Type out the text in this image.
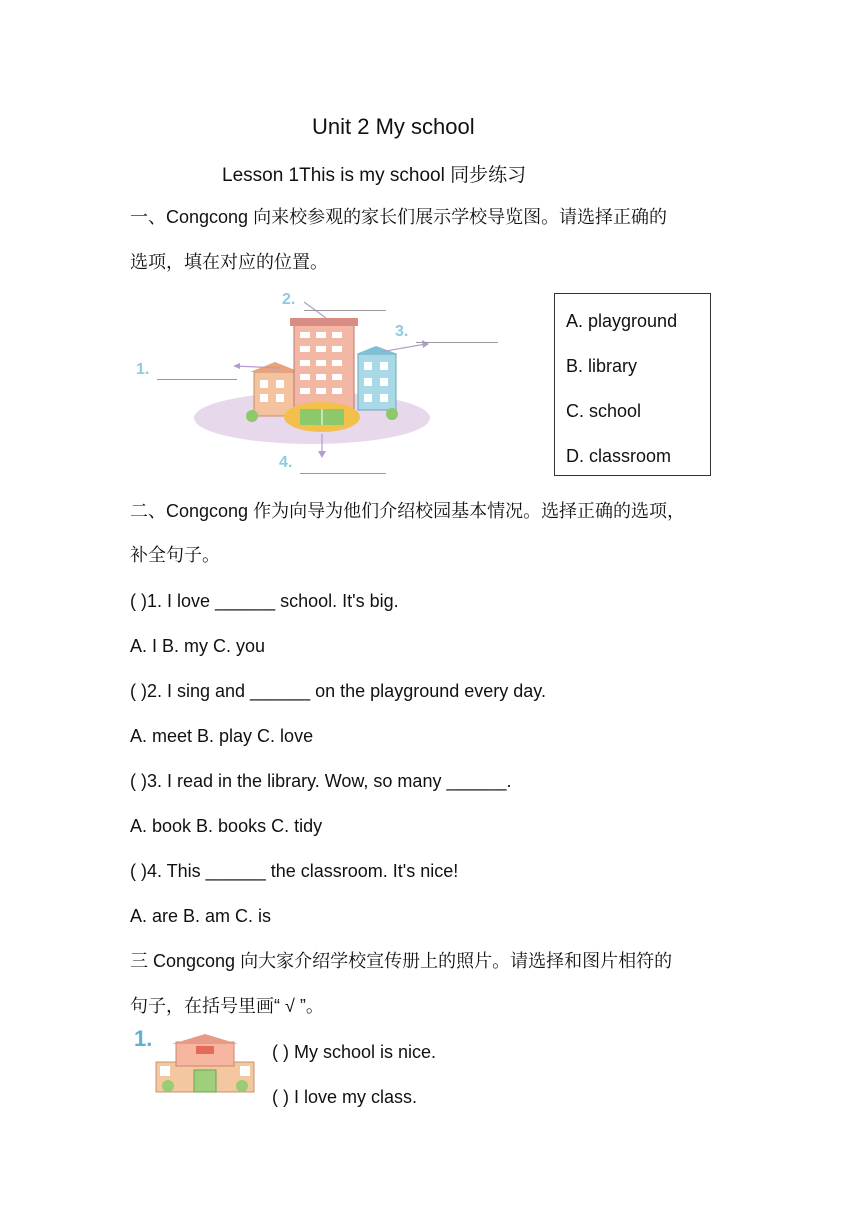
Unit 2 My school
Lesson 1This is my school 同步练习
一、Congcong 向来校参观的家长们展示学校导览图。请选择正确的
选项，填在对应的位置。
1.
2.
3.
4.
A. playground
B. library
C. school
D. classroom
二、Congcong 作为向导为他们介绍校园基本情况。选择正确的选项，
补全句子。
( )1. I love ______ school. It's big.
A. I B. my C. you
( )2. I sing and ______ on the playground every day.
A. meet B. play C. love
( )3. I read in the library. Wow, so many ______.
A. book B. books C. tidy
( )4. This ______ the classroom. It's nice!
A. are B. am C. is
三 Congcong 向大家介绍学校宣传册上的照片。请选择和图片相符的
句子，在括号里画“ √ ”。
1.
( ) My school is nice.
( ) I love my class.
